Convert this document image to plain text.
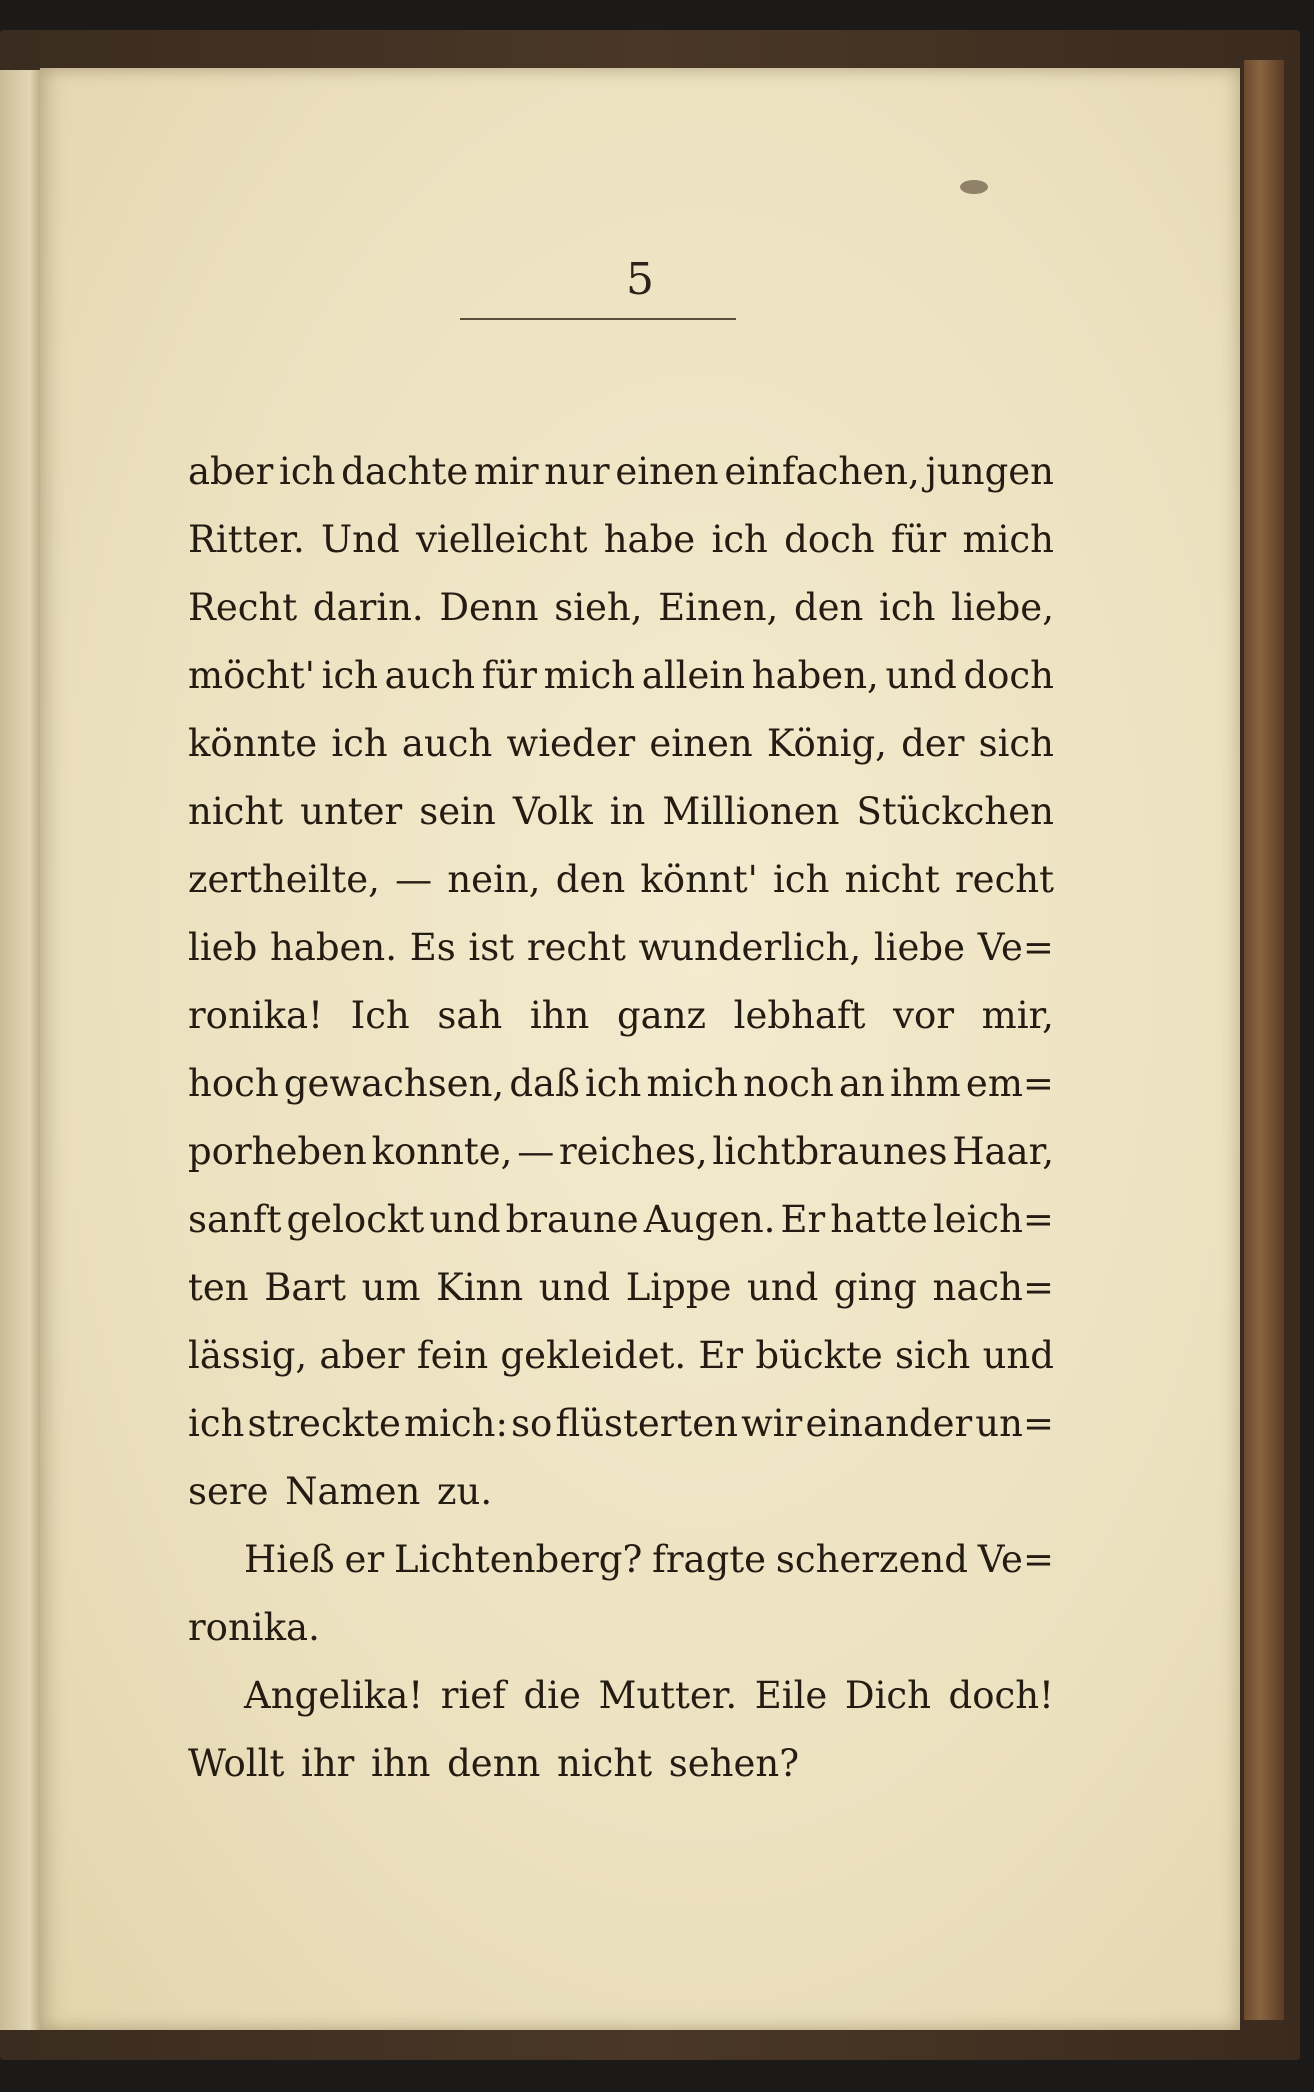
5
aber ich dachte mir nur einen einfachen, jungen
Ritter. Und vielleicht habe ich doch für mich
Recht darin. Denn sieh, Einen, den ich liebe,
möcht' ich auch für mich allein haben, und doch
könnte ich auch wieder einen König, der sich
nicht unter sein Volk in Millionen Stückchen
zertheilte, — nein, den könnt' ich nicht recht
lieb haben. Es ist recht wunderlich, liebe Ve=
ronika! Ich sah ihn ganz lebhaft vor mir,
hoch gewachsen, daß ich mich noch an ihm em=
porheben konnte, — reiches, lichtbraunes Haar,
sanft gelockt und braune Augen. Er hatte leich=
ten Bart um Kinn und Lippe und ging nach=
lässig, aber fein gekleidet. Er bückte sich und
ich streckte mich: so flüsterten wir einander un=
sere Namen zu.
Hieß er Lichtenberg? fragte scherzend Ve=
ronika.
Angelika! rief die Mutter. Eile Dich doch!
Wollt ihr ihn denn nicht sehen?
